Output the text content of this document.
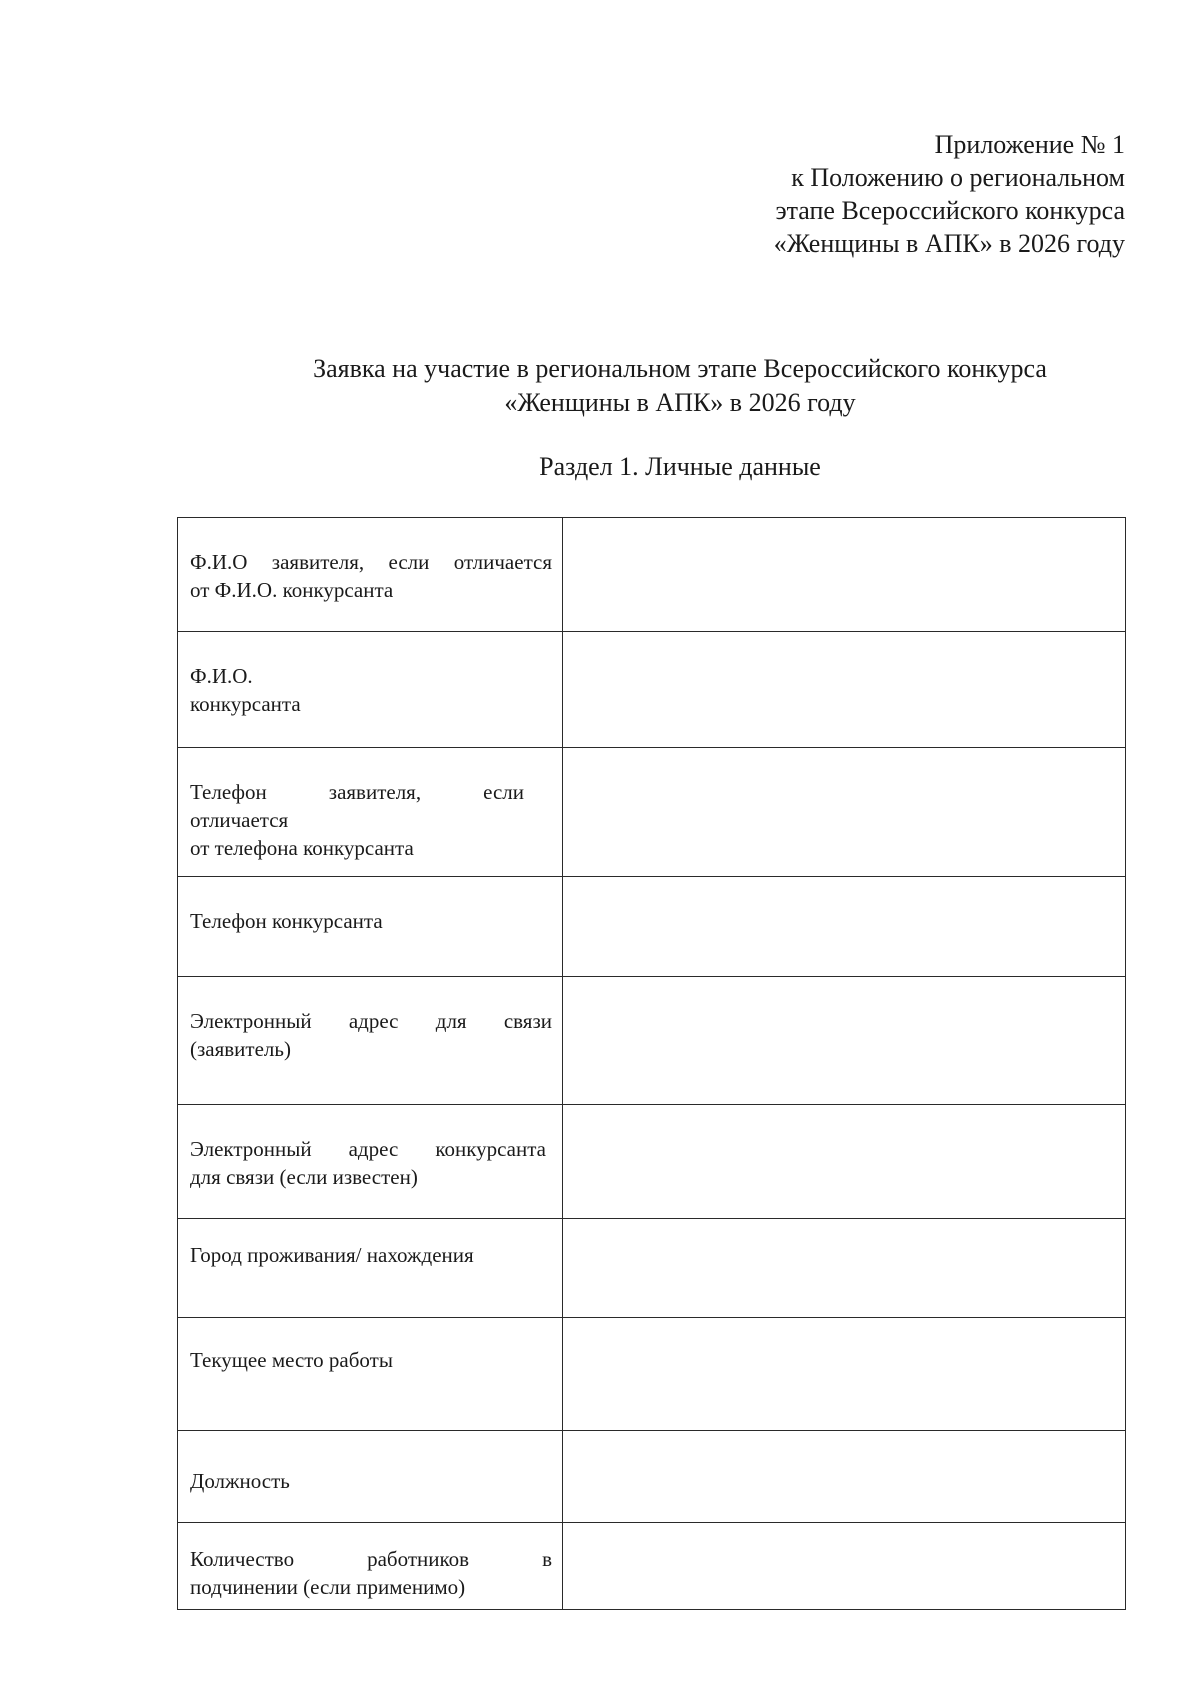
Приложение № 1
к Положению о региональном
этапе Всероссийского конкурса
«Женщины в АПК» в 2026 году
Заявка на участие в региональном этапе Всероссийского конкурса
«Женщины в АПК» в 2026 году
Раздел 1. Личные данные
Ф.И.О заявителя, если отличается
от Ф.И.О. конкурсанта	

Ф.И.О.
конкурсанта	

Телефон заявителя, если
отличается
от телефона конкурсанта	

Телефон конкурсанта	

Электронный адрес для связи
(заявитель)	

Электронный адрес конкурсанта
для связи (если известен)	

Город проживания/ нахождения	

Текущее место работы	

Должность	

Количество работников в
подчинении (если применимо)	
